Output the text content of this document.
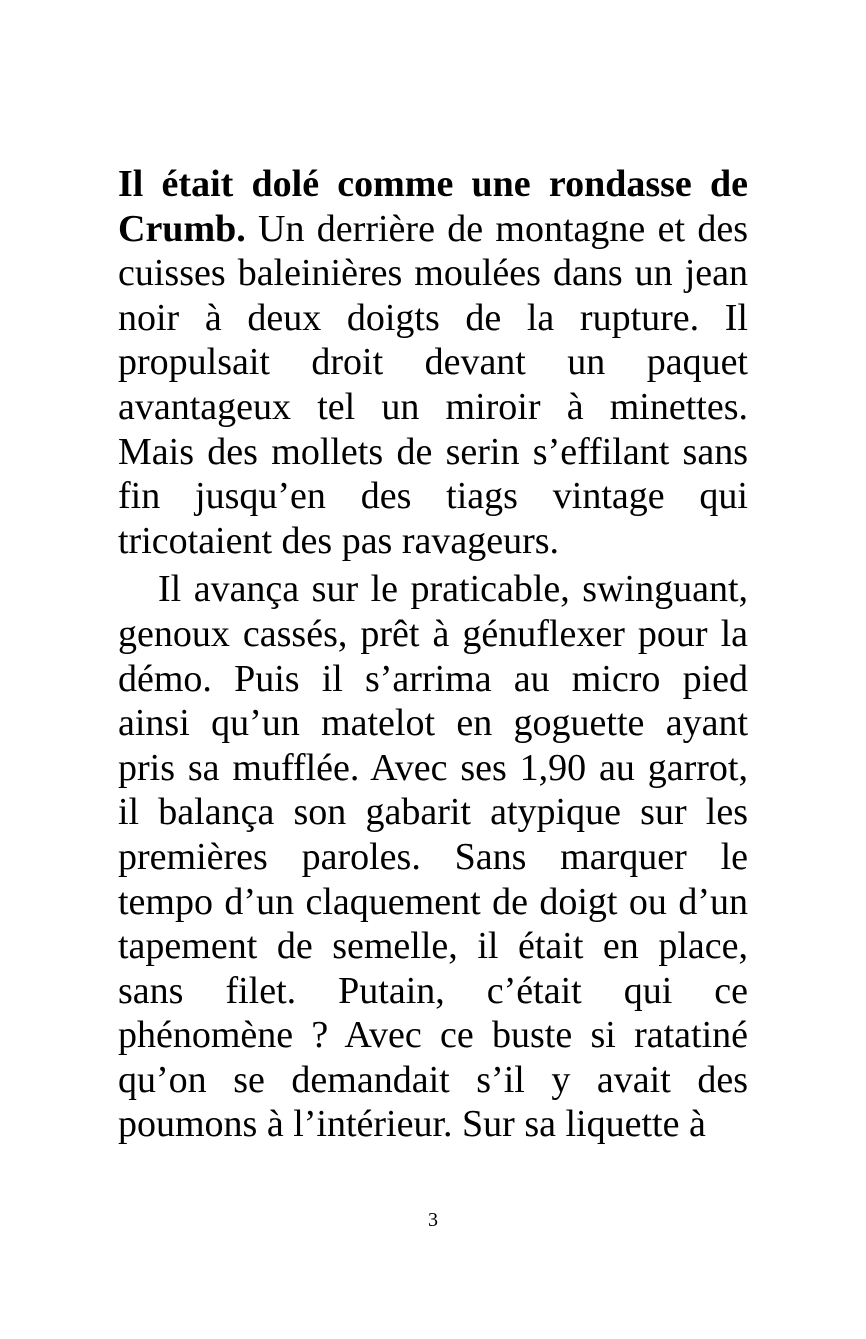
Il était dolé comme une rondasse de Crumb. Un derrière de montagne et des cuisses baleinières moulées dans un jean noir à deux doigts de la rupture. Il propulsait droit devant un paquet avantageux tel un miroir à minettes. Mais des mollets de serin s’effilant sans fin jusqu’en des tiags vintage qui tricotaient des pas ravageurs.

Il avança sur le praticable, swinguant, genoux cassés, prêt à génuflexer pour la démo. Puis il s’arrima au micro pied ainsi qu’un matelot en goguette ayant pris sa mufflée. Avec ses 1,90 au garrot, il balança son gabarit atypique sur les premières paroles. Sans marquer le tempo d’un claquement de doigt ou d’un tapement de semelle, il était en place, sans filet. Putain, c’était qui ce phénomène ? Avec ce buste si ratatiné qu’on se demandait s’il y avait des poumons à l’intérieur. Sur sa liquette à

3
